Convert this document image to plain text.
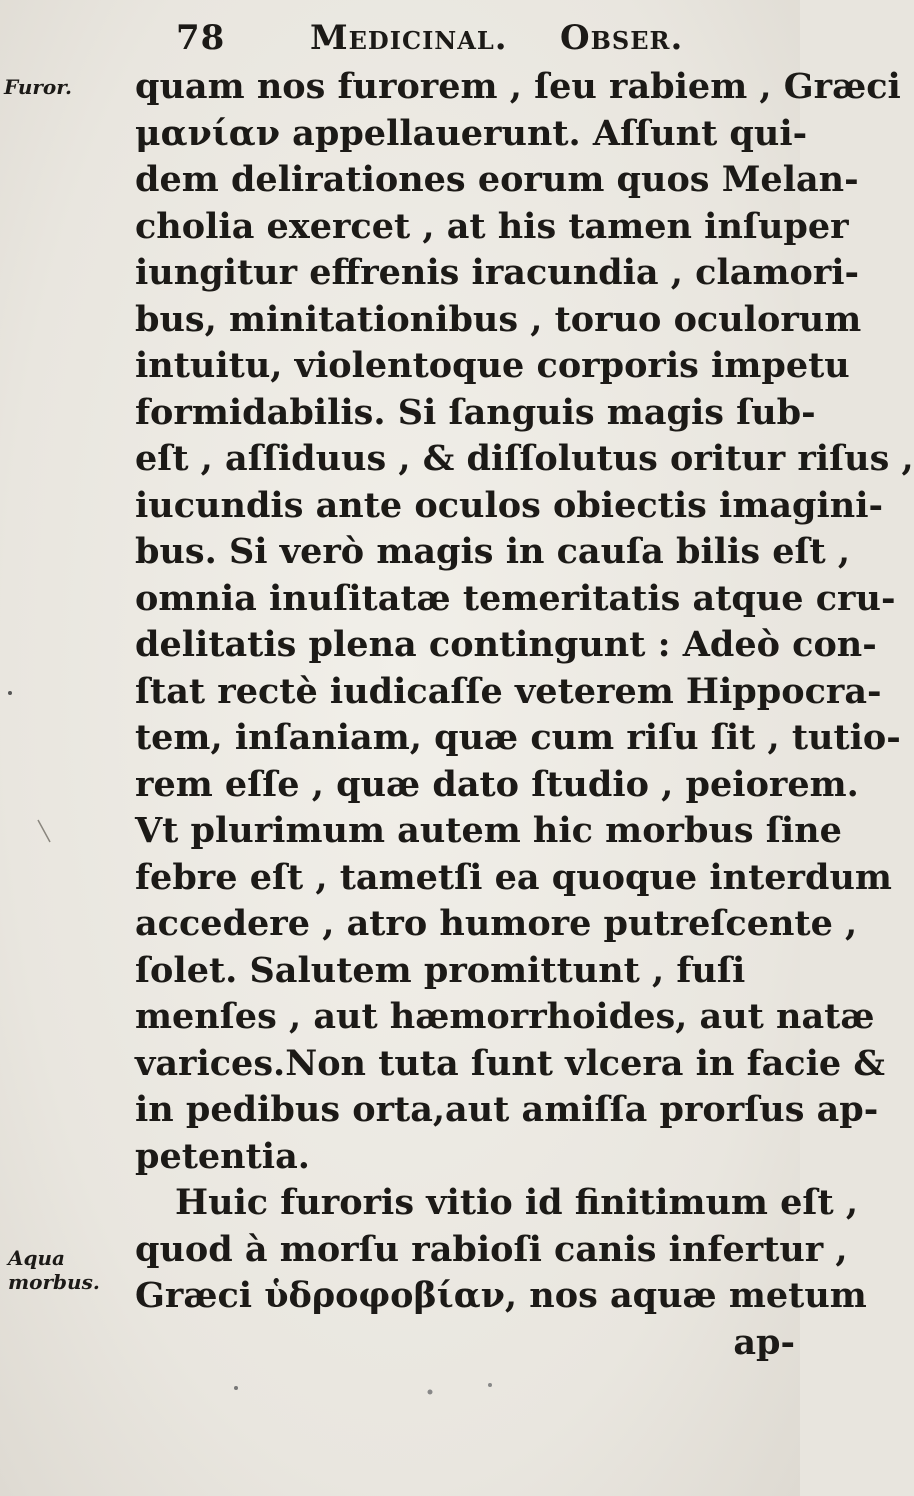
78 Medicinal. Obser.
Furor.
Aqua
morbus.
quam nos furorem , ſeu rabiem , Græci
μανίαν appellauerunt. Aſſunt qui-
dem delirationes eorum quos Melan-
cholia exercet , at his tamen inſuper
iungitur effrenis iracundia , clamori-
bus, minitationibus , toruo oculorum
intuitu, violentoque corporis impetu
formidabilis. Si ſanguis magis ſub-
eſt , aſſiduus , & diſſolutus oritur riſus ,
iucundis ante oculos obiectis imagini-
bus. Si verò magis in cauſa bilis eſt ,
omnia inuſitatæ temeritatis atque cru-
delitatis plena contingunt : Adeò con-
ſtat rectè iudicaſſe veterem Hippocra-
tem, inſaniam, quæ cum riſu ſit , tutio-
rem eſſe , quæ dato ſtudio , peiorem.
Vt plurimum autem hic morbus ſine
febre eſt , tametſi ea quoque interdum
accedere , atro humore putreſcente ,
ſolet. Salutem promittunt , fuſi
menſes , aut hæmorrhoides, aut natæ
varices.Non tuta ſunt vlcera in facie &
in pedibus orta,aut amiſſa prorſus ap-
petentia.
Huic furoris vitio id finitimum eſt ,
quod à morſu rabioſi canis infertur ,
Græci ὑδροφοβίαν, nos aquæ metum
ap-
